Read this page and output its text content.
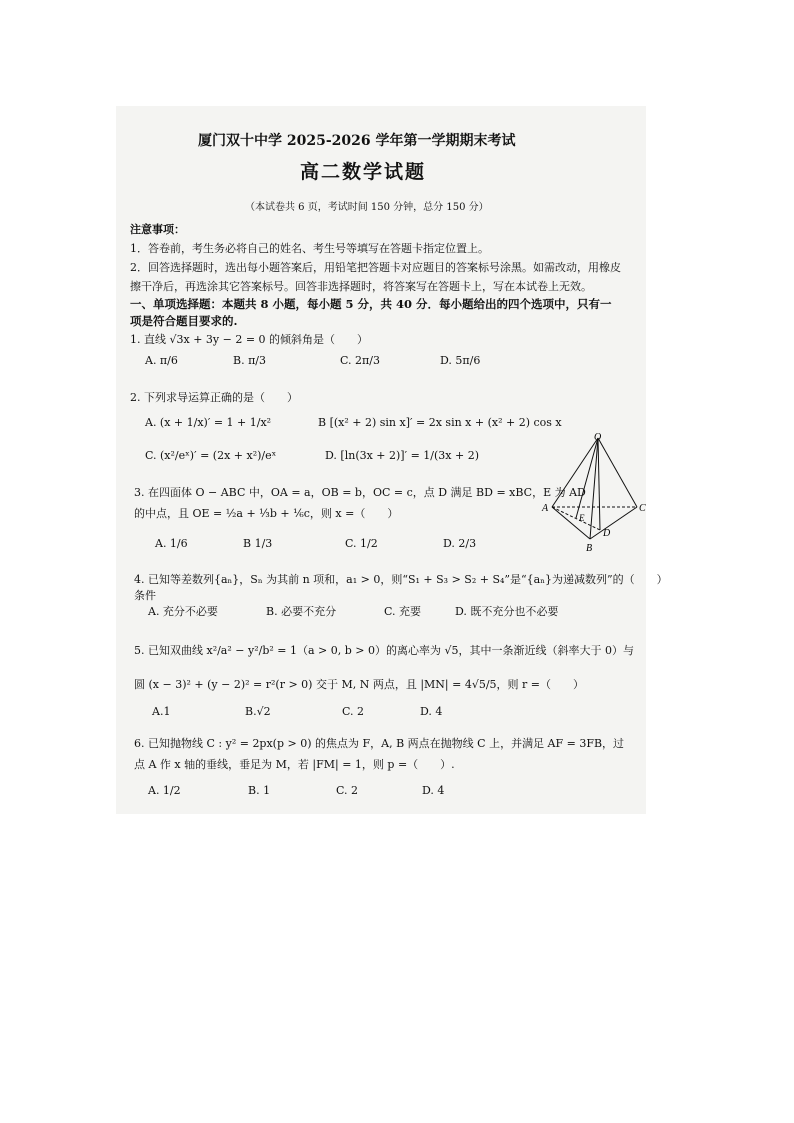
厦门双十中学 2025-2026 学年第一学期期末考试
高二数学试题
（本试卷共 6 页，考试时间 150 分钟，总分 150 分）
注意事项：
1．答卷前，考生务必将自己的姓名、考生号等填写在答题卡指定位置上。
2．回答选择题时，选出每小题答案后，用铅笔把答题卡对应题目的答案标号涂黑。如需改动，用橡皮
擦干净后，再选涂其它答案标号。回答非选择题时，将答案写在答题卡上，写在本试卷上无效。
一、单项选择题：本题共 8 小题，每小题 5 分，共 40 分．每小题给出的四个选项中，只有一
项是符合题目要求的.
1. 直线 √3x + 3y − 2 = 0 的倾斜角是（　　）
A. π/6	B. π/3	C. 2π/3	D. 5π/6
2. 下列求导运算正确的是（　　）
A. (x + 1/x)′ = 1 + 1/x²	B [(x² + 2) sin x]′ = 2x sin x + (x² + 2) cos x
C. (x²/eˣ)′ = (2x + x²)/eˣ	D. [ln(3x + 2)]′ = 1/(3x + 2)
3. 在四面体 O − ABC 中，OA = a，OB = b，OC = c，点 D 满足 BD = xBC，E 为 AD
的中点，且 OE = ½a + ⅓b + ⅙c，则 x =（　　）
A. 1/6	B 1/3	C. 1/2	D. 2/3
O
A	C
B
D
E
4. 已知等差数列{aₙ}，Sₙ 为其前 n 项和，a₁ > 0，则“S₁ + S₃ > S₂ + S₄”是“{aₙ}为递减数列”的（　　）
条件
A. 充分不必要	B. 必要不充分	C. 充要	D. 既不充分也不必要
5. 已知双曲线 x²/a² − y²/b² = 1（a > 0, b > 0）的离心率为 √5，其中一条渐近线（斜率大于 0）与
圆 (x − 3)² + (y − 2)² = r²(r > 0) 交于 M, N 两点，且 |MN| = 4√5/5，则 r =（　　）
A.1	B.√2	C. 2	D. 4
6. 已知抛物线 C : y² = 2px(p > 0) 的焦点为 F，A, B 两点在抛物线 C 上，并满足 AF = 3FB，过
点 A 作 x 轴的垂线，垂足为 M，若 |FM| = 1，则 p =（　　）.
A. 1/2	B. 1	C. 2	D. 4
